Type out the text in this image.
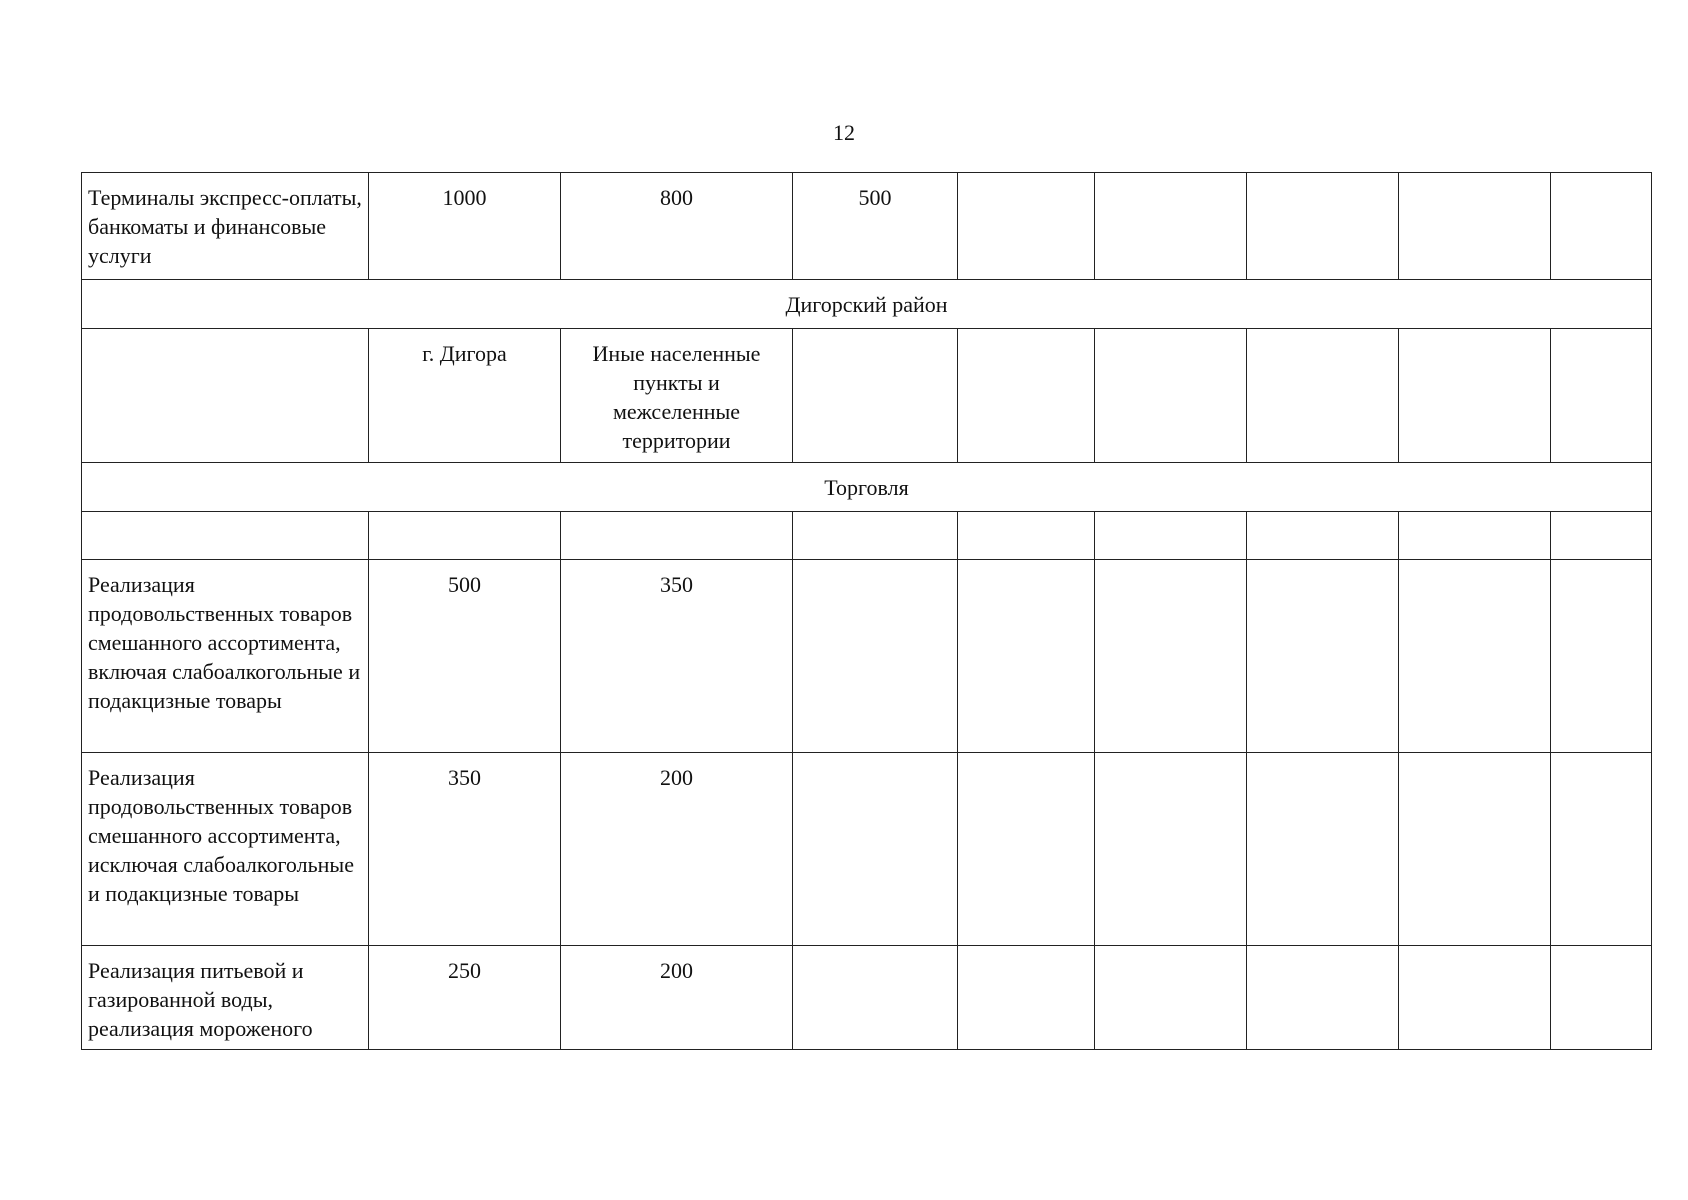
12
Терминалы экспресс-оплаты, банкоматы и финансовые услуги	1000	800	500					
Дигорский район								
	г. Дигора	Иные населенные пункты и межселенные территории						
Торговля								

Реализация продовольственных товаров смешанного ассортимента, включая слабоалкогольные и подакцизные товары	500	350						
Реализация продовольственных товаров смешанного ассортимента, исключая слабоалкогольные и подакцизные товары	350	200						
Реализация питьевой и газированной воды, реализация мороженого	250	200						
